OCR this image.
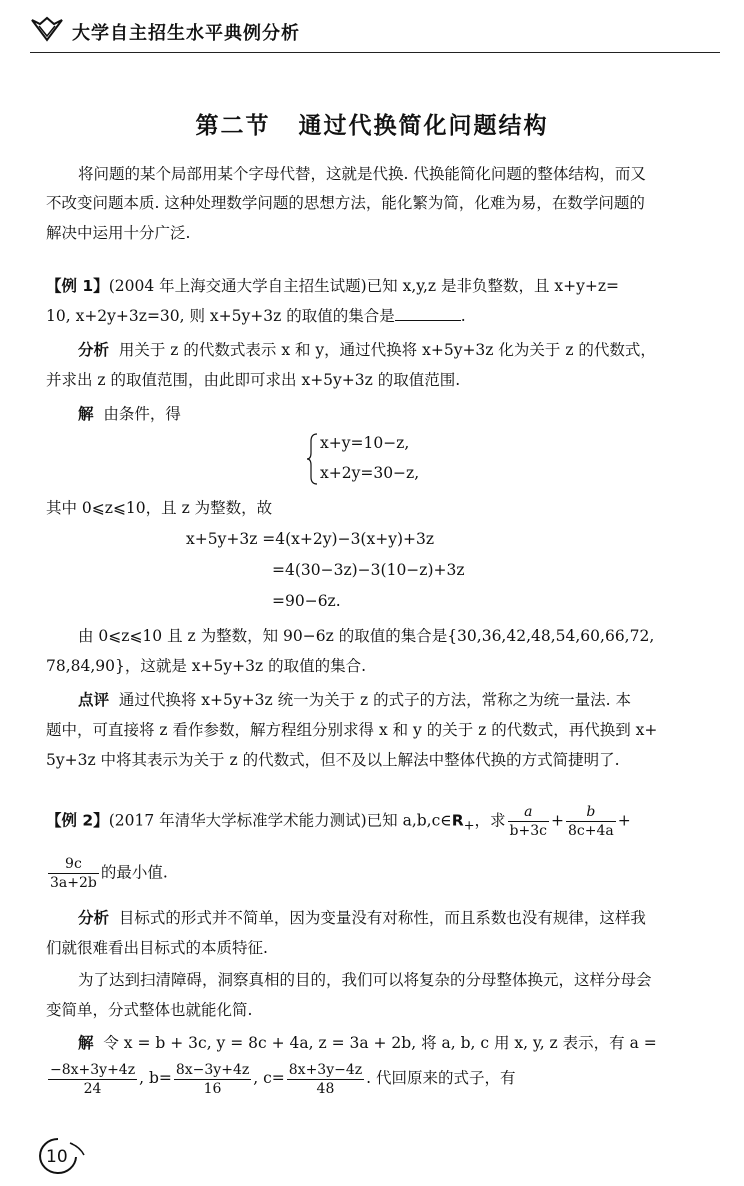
大学自主招生水平典例分析
第二节 通过代换简化问题结构
将问题的某个局部用某个字母代替，这就是代换. 代换能简化问题的整体结构，而又
不改变问题本质. 这种处理数学问题的思想方法，能化繁为简，化难为易，在数学问题的
解决中运用十分广泛.
【例 1】(2004 年上海交通大学自主招生试题)已知 x,y,z 是非负整数，且 x+y+z=
10, x+2y+3z=30, 则 x+5y+3z 的取值的集合是	.
分析 用关于 z 的代数式表示 x 和 y，通过代换将 x+5y+3z 化为关于 z 的代数式，
并求出 z 的取值范围，由此即可求出 x+5y+3z 的取值范围.
解 由条件，得
x+y=10−z,
x+2y=30−z,
其中 0⩽z⩽10，且 z 为整数，故
x+5y+3z =4(x+2y)−3(x+y)+3z
=4(30−3z)−3(10−z)+3z
=90−6z.
由 0⩽z⩽10 且 z 为整数，知 90−6z 的取值的集合是{30,36,42,48,54,60,66,72,
78,84,90}，这就是 x+5y+3z 的取值的集合.
点评 通过代换将 x+5y+3z 统一为关于 z 的式子的方法，常称之为统一量法. 本
题中，可直接将 z 看作参数，解方程组分别求得 x 和 y 的关于 z 的代数式，再代换到 x+
5y+3z 中将其表示为关于 z 的代数式，但不及以上解法中整体代换的方式简捷明了.
【例 2】(2017 年清华大学标准学术能力测试)已知 $a,b,c\in R_+$，求 $\frac{a}{b+3c} + \frac{b}{8c+4a}$ +
$\frac{9c}{3a+2b}$ 的最小值.
分析 目标式的形式并不简单，因为变量没有对称性，而且系数也没有规律，这样我
们就很难看出目标式的本质特征.
为了达到扫清障碍，洞察真相的目的，我们可以将复杂的分母整体换元，这样分母会
变简单，分式整体也就能化简.
解 令 x = b + 3c, y = 8c + 4a, z = 3a + 2b, 将 a, b, c 用 x, y, z 表示，有 a =
$\frac{-8x+3y+4z}{24}$ , $b= \frac{8x-3y+4z}{16}$ , $c= \frac{8x+3y-4z}{48}$ . 代回原来的式子，有
10
